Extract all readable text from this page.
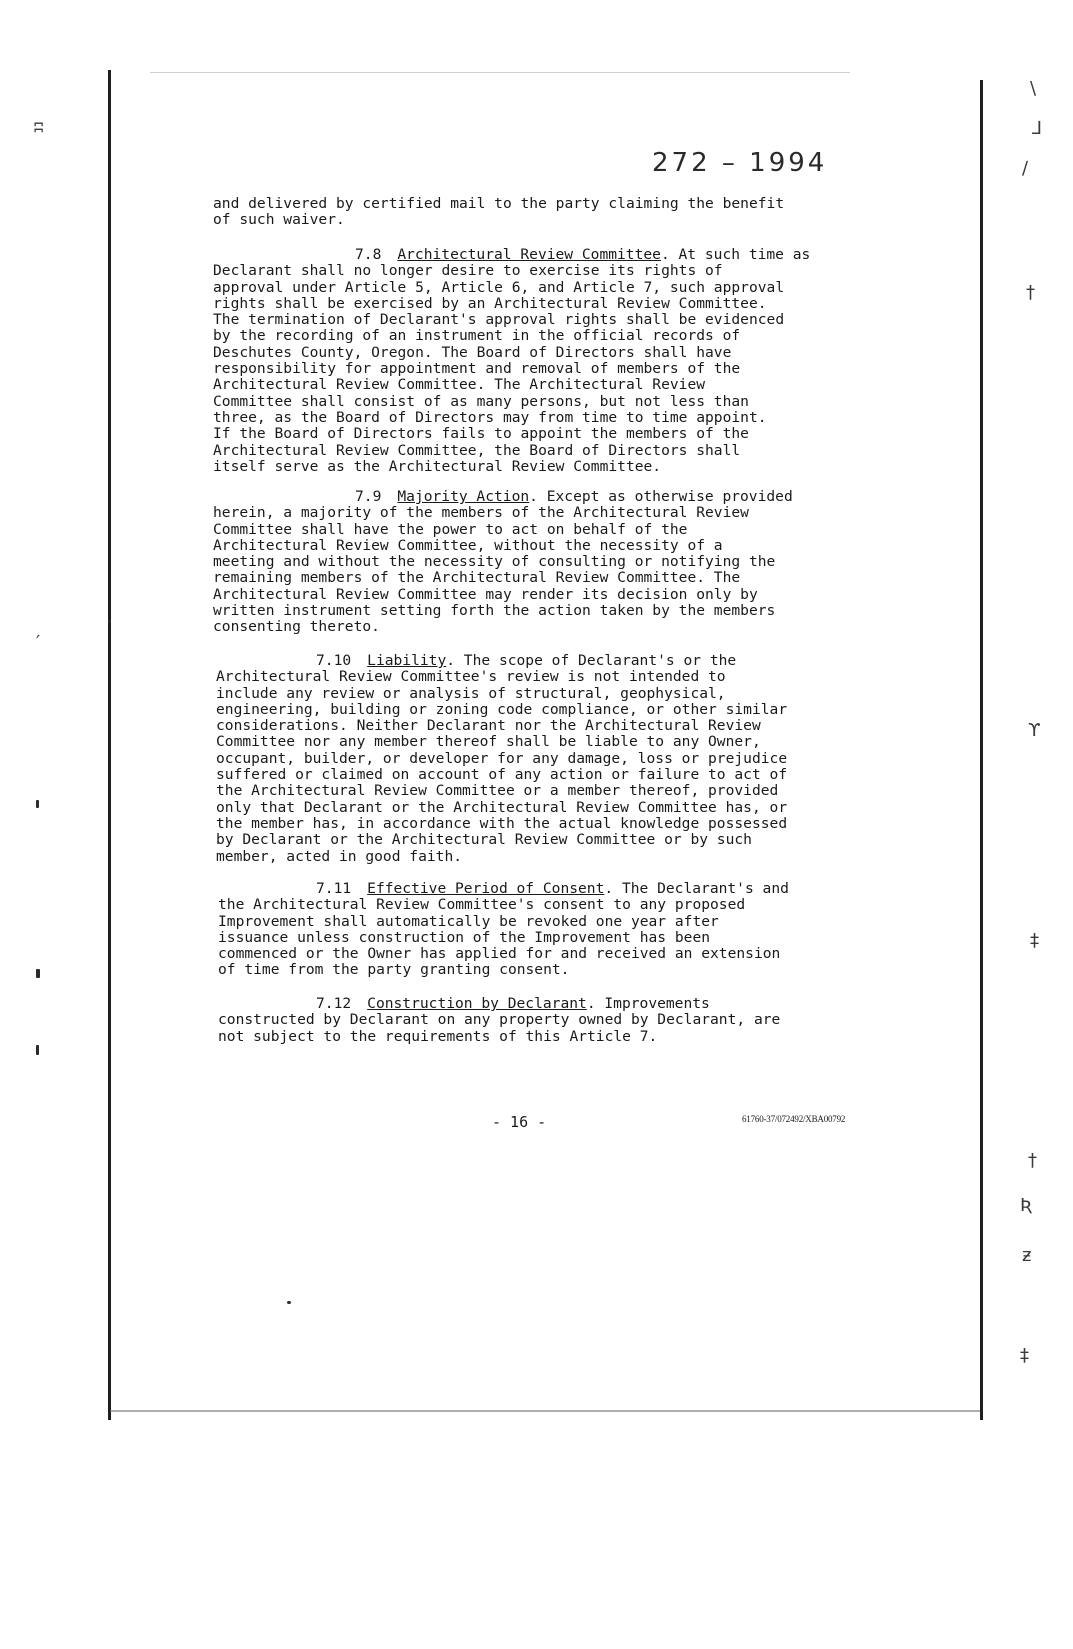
272 – 1994

and delivered by certified mail to the party claiming the benefit
of such waiver.

7.8 Architectural Review Committee. At such time as
Declarant shall no longer desire to exercise its rights of
approval under Article 5, Article 6, and Article 7, such approval
rights shall be exercised by an Architectural Review Committee.
The termination of Declarant's approval rights shall be evidenced
by the recording of an instrument in the official records of
Deschutes County, Oregon. The Board of Directors shall have
responsibility for appointment and removal of members of the
Architectural Review Committee. The Architectural Review
Committee shall consist of as many persons, but not less than
three, as the Board of Directors may from time to time appoint.
If the Board of Directors fails to appoint the members of the
Architectural Review Committee, the Board of Directors shall
itself serve as the Architectural Review Committee.

7.9 Majority Action. Except as otherwise provided
herein, a majority of the members of the Architectural Review
Committee shall have the power to act on behalf of the
Architectural Review Committee, without the necessity of a
meeting and without the necessity of consulting or notifying the
remaining members of the Architectural Review Committee. The
Architectural Review Committee may render its decision only by
written instrument setting forth the action taken by the members
consenting thereto.

7.10 Liability. The scope of Declarant's or the
Architectural Review Committee's review is not intended to
include any review or analysis of structural, geophysical,
engineering, building or zoning code compliance, or other similar
considerations. Neither Declarant nor the Architectural Review
Committee nor any member thereof shall be liable to any Owner,
occupant, builder, or developer for any damage, loss or prejudice
suffered or claimed on account of any action or failure to act of
the Architectural Review Committee or a member thereof, provided
only that Declarant or the Architectural Review Committee has, or
the member has, in accordance with the actual knowledge possessed
by Declarant or the Architectural Review Committee or by such
member, acted in good faith.

7.11 Effective Period of Consent. The Declarant's and
the Architectural Review Committee's consent to any proposed
Improvement shall automatically be revoked one year after
issuance unless construction of the Improvement has been
commenced or the Owner has applied for and received an extension
of time from the party granting consent.

7.12 Construction by Declarant. Improvements
constructed by Declarant on any property owned by Declarant, are
not subject to the requirements of this Article 7.

- 16 -	61760-37/072492/XBA00792
ʭ
′
\
⅃
∕
†
ϒ
‡
†
Ʀ
ƶ
‡
